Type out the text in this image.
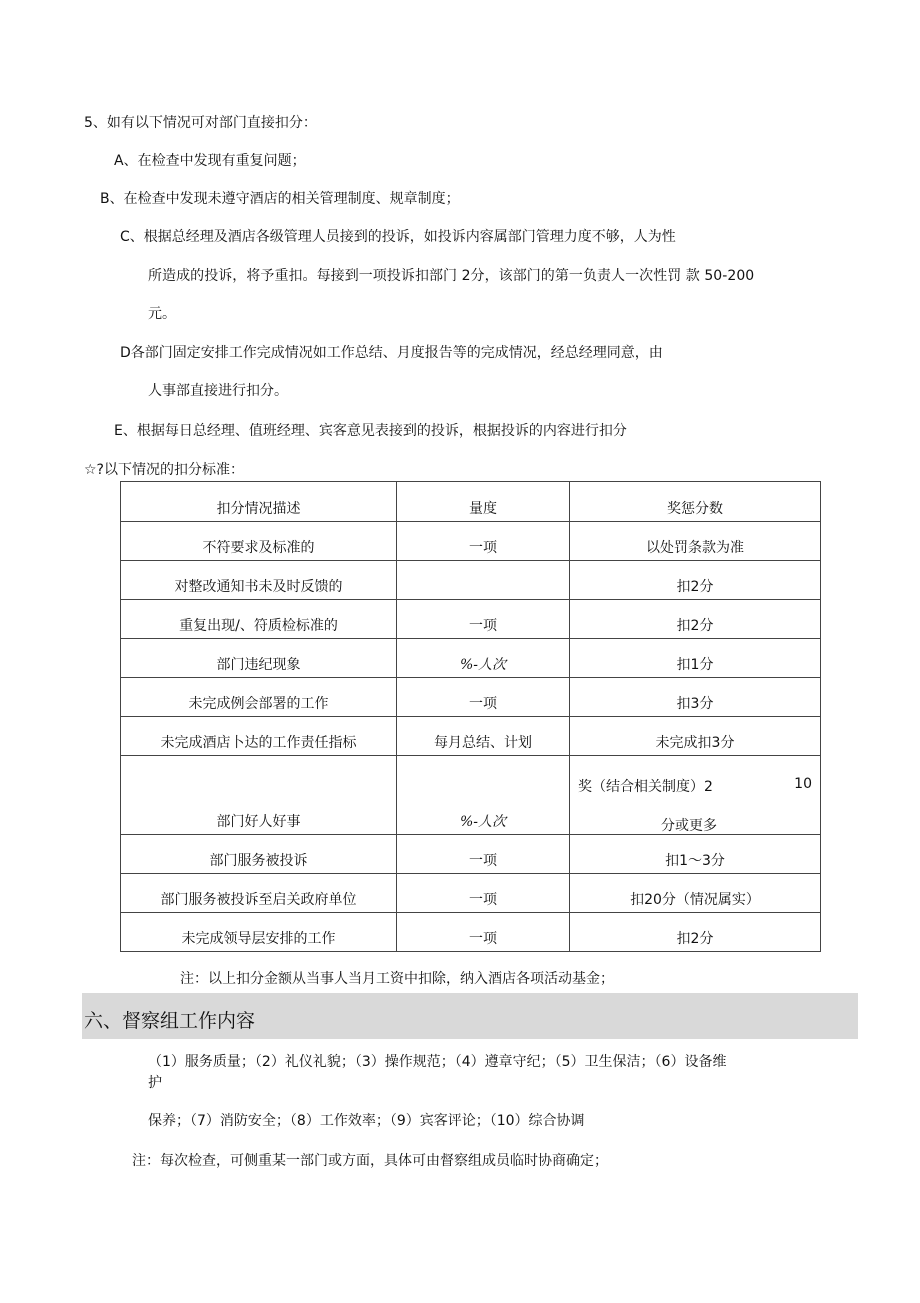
5、如有以下情况可对部门直接扣分：
A、在检查中发现有重复问题；
B、在检查中发现未遵守酒店的相关管理制度、规章制度；
C、根据总经理及酒店各级管理人员接到的投诉，如投诉内容属部门管理力度不够，人为性
所造成的投诉，将予重扣。每接到一项投诉扣部门 2分，该部门的第一负责人一次性罚 款 50-200
元。
D各部门固定安排工作完成情况如工作总结、月度报告等的完成情况，经总经理同意，由
人事部直接进行扣分。
E、根据每日总经理、值班经理、宾客意见表接到的投诉，根据投诉的内容进行扣分
☆?以下情况的扣分标准：
扣分情况描述	量度	奖惩分数
不符要求及标准的	一项	以处罚条款为准
对整改通知书未及时反馈的		扣2分
重复出现/、符质检标准的	一项	扣2分
部门违纪现象	%-人次	扣1分
未完成例会部署的工作	一项	扣3分
未完成酒店卜达的工作责任指标	每月总结、计划	未完成扣3分
部门好人好事	%-人次	奖（结合相关制度）2 10
分或更多

部门服务被投诉	一项	扣1～3分
部门服务被投诉至启关政府单位	一项	扣20分（情况属实）
未完成领导层安排的工作	一项	扣2分
注：以上扣分金额从当事人当月工资中扣除，纳入酒店各项活动基金；
六、督察组工作内容
（1）服务质量；（2）礼仪礼貌；（3）操作规范；（4）遵章守纪；（5）卫生保洁；（6）设备维
护
保养；（7）消防安全；（8）工作效率；（9）宾客评论；（10）综合协调
注：每次检查，可侧重某一部门或方面，具体可由督察组成员临时协商确定；
